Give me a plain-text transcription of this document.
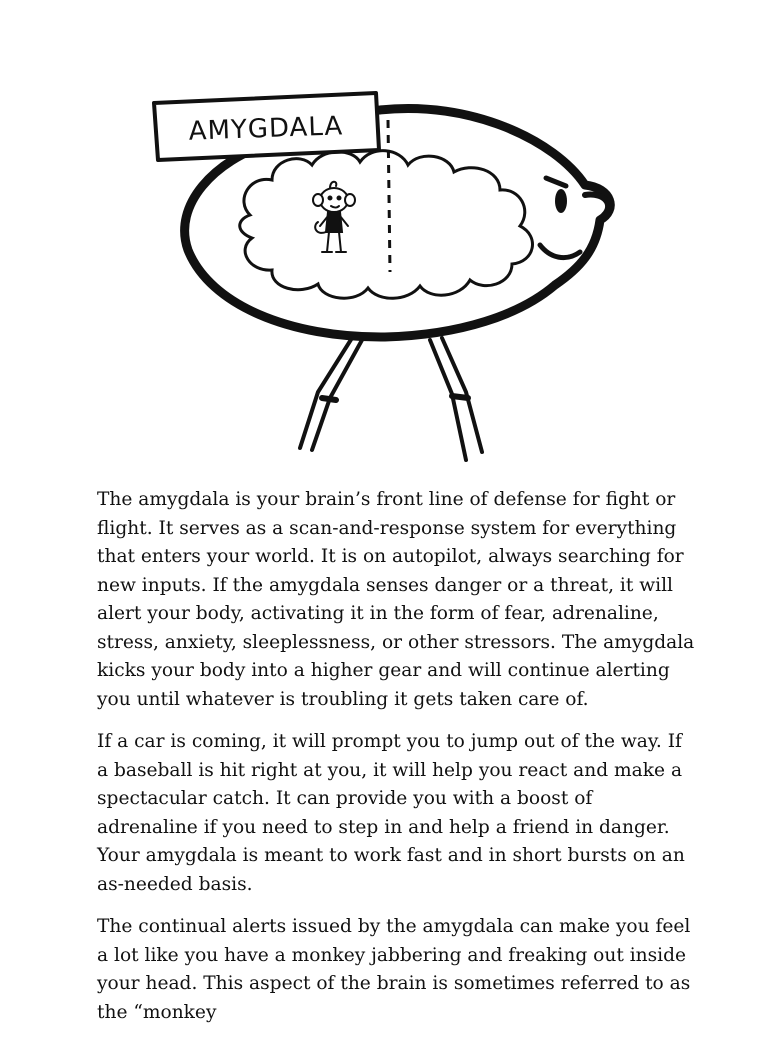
AMYGDALA

The amygdala is your brain’s front line of defense for fight or flight. It serves as a scan-and-response system for everything that enters your world. It is on autopilot, always searching for new inputs. If the amygdala senses danger or a threat, it will alert your body, activating it in the form of fear, adrenaline, stress, anxiety, sleeplessness, or other stressors. The amygdala kicks your body into a higher gear and will continue alerting you until whatever is troubling it gets taken care of.

If a car is coming, it will prompt you to jump out of the way. If a baseball is hit right at you, it will help you react and make a spectacular catch. It can provide you with a boost of adrenaline if you need to step in and help a friend in danger. Your amygdala is meant to work fast and in short bursts on an as-needed basis.

The continual alerts issued by the amygdala can make you feel a lot like you have a monkey jabbering and freaking out inside your head. This aspect of the brain is sometimes referred to as the “monkey
